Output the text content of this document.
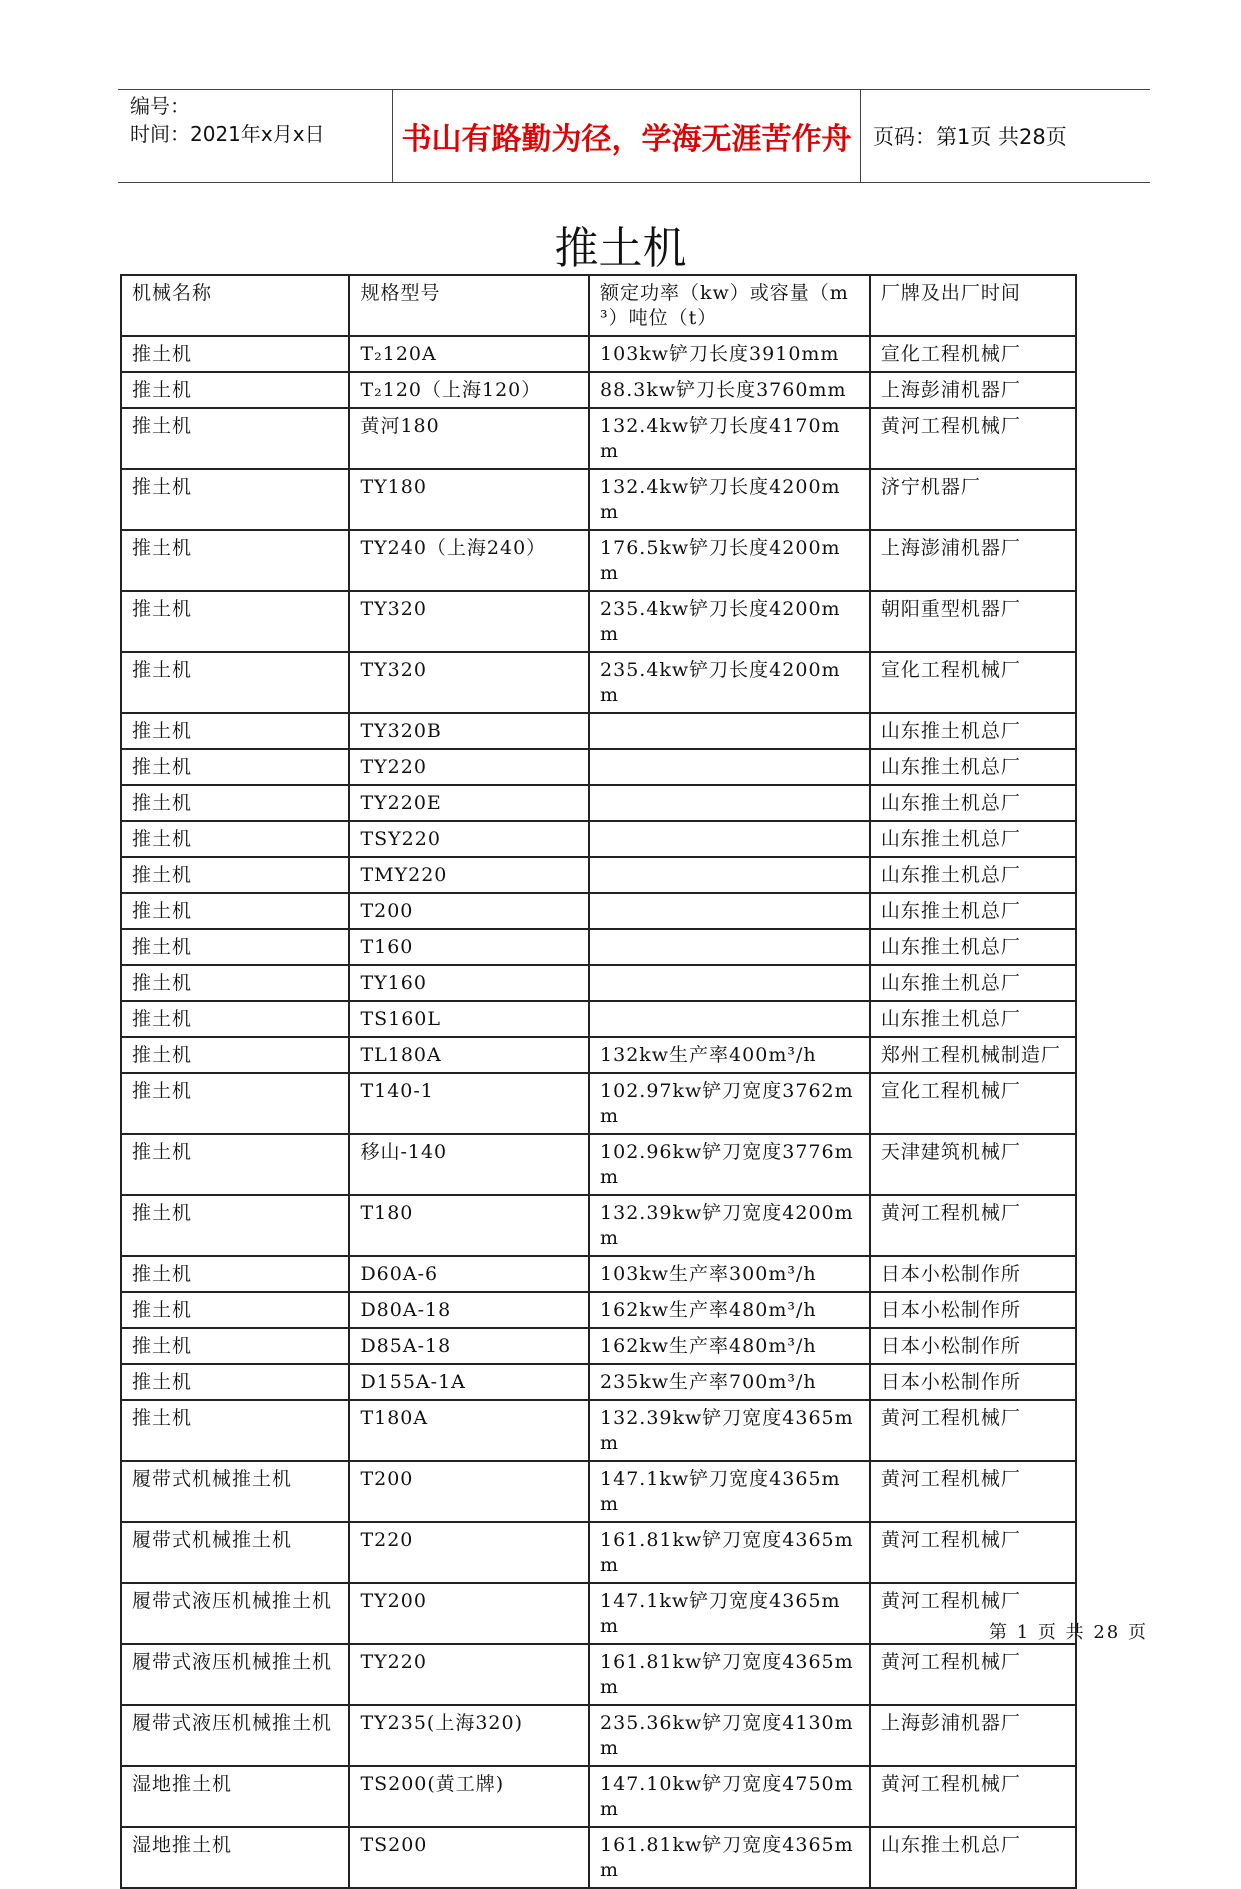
编号：
时间：2021年x月x日	书山有路勤为径，学海无涯苦作舟	页码：第1页 共28页
推土机
机械名称	规格型号	额定功率（kw）或容量（m³）吨位（t）	厂牌及出厂时间
推土机	T₂120A	103kw铲刀长度3910mm	宣化工程机械厂
推土机	T₂120（上海120）	88.3kw铲刀长度3760mm	上海彭浦机器厂
推土机	黄河180	132.4kw铲刀长度4170mm	黄河工程机械厂
推土机	TY180	132.4kw铲刀长度4200mm	济宁机器厂
推土机	TY240（上海240）	176.5kw铲刀长度4200mm	上海澎浦机器厂
推土机	TY320	235.4kw铲刀长度4200mm	朝阳重型机器厂
推土机	TY320	235.4kw铲刀长度4200mm	宣化工程机械厂
推土机	TY320B		山东推土机总厂
推土机	TY220		山东推土机总厂
推土机	TY220E		山东推土机总厂
推土机	TSY220		山东推土机总厂
推土机	TMY220		山东推土机总厂
推土机	T200		山东推土机总厂
推土机	T160		山东推土机总厂
推土机	TY160		山东推土机总厂
推土机	TS160L		山东推土机总厂
推土机	TL180A	132kw生产率400m³/h	郑州工程机械制造厂
推土机	T140-1	102.97kw铲刀宽度3762mm	宣化工程机械厂
推土机	移山-140	102.96kw铲刀宽度3776mm	天津建筑机械厂
推土机	T180	132.39kw铲刀宽度4200mm	黄河工程机械厂
推土机	D60A-6	103kw生产率300m³/h	日本小松制作所
推土机	D80A-18	162kw生产率480m³/h	日本小松制作所
推土机	D85A-18	162kw生产率480m³/h	日本小松制作所
推土机	D155A-1A	235kw生产率700m³/h	日本小松制作所
推土机	T180A	132.39kw铲刀宽度4365mm	黄河工程机械厂
履带式机械推土机	T200	147.1kw铲刀宽度4365mm	黄河工程机械厂
履带式机械推土机	T220	161.81kw铲刀宽度4365mm	黄河工程机械厂
履带式液压机械推土机	TY200	147.1kw铲刀宽度4365mm	黄河工程机械厂
履带式液压机械推土机	TY220	161.81kw铲刀宽度4365mm	黄河工程机械厂
履带式液压机械推土机	TY235(上海320)	235.36kw铲刀宽度4130mm	上海彭浦机器厂
湿地推土机	TS200(黄工牌)	147.10kw铲刀宽度4750mm	黄河工程机械厂
湿地推土机	TS200	161.81kw铲刀宽度4365mm	山东推土机总厂
第 1 页 共 28 页
